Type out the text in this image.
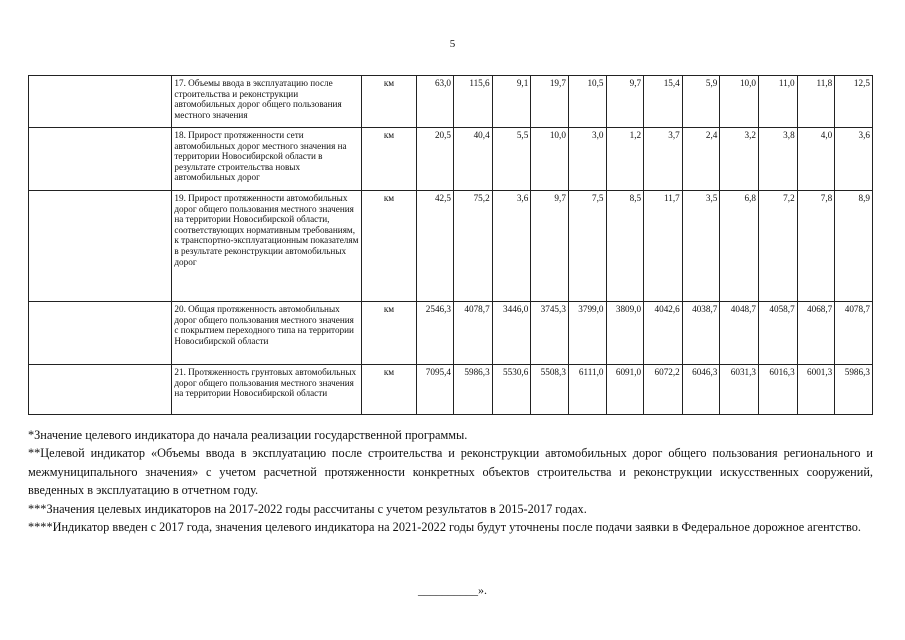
5
	17. Объемы ввода в эксплуатацию после строительства и реконструкции автомобильных дорог общего пользования местного значения	км	63,0	115,6	9,1	19,7	10,5	9,7	15,4	5,9	10,0	11,0	11,8	12,5
	18. Прирост протяженности сети автомобильных дорог местного значения на территории Новосибирской области в результате строительства новых автомобильных дорог	км	20,5	40,4	5,5	10,0	3,0	1,2	3,7	2,4	3,2	3,8	4,0	3,6
	19. Прирост протяженности автомобильных дорог общего пользования местного значения на территории Новосибирской области, соответствующих нормативным требованиям, к транспортно-эксплуатационным показателям в результате реконструкции автомобильных дорог	км	42,5	75,2	3,6	9,7	7,5	8,5	11,7	3,5	6,8	7,2	7,8	8,9
	20. Общая протяженность автомобильных дорог общего пользования местного значения с покрытием переходного типа на территории Новосибирской области	км	2546,3	4078,7	3446,0	3745,3	3799,0	3809,0	4042,6	4038,7	4048,7	4058,7	4068,7	4078,7
	21. Протяженность грунтовых автомобильных дорог общего пользования местного значения на территории Новосибирской области	км	7095,4	5986,3	5530,6	5508,3	6111,0	6091,0	6072,2	6046,3	6031,3	6016,3	6001,3	5986,3

*Значение целевого индикатора до начала реализации государственной программы.

**Целевой индикатор «Объемы ввода в эксплуатацию после строительства и реконструкции автомобильных дорог общего пользования регионального и межмуниципального значения» с учетом расчетной протяженности конкретных объектов строительства и реконструкции искусственных сооружений, введенных в эксплуатацию в отчетном году.

***Значения целевых индикаторов на 2017-2022 годы рассчитаны с учетом результатов в 2015-2017 годах.

****Индикатор введен с 2017 года, значения целевого индикатора на 2021-2022 годы будут уточнены после подачи заявки в Федеральное дорожное агентство.

__________».
